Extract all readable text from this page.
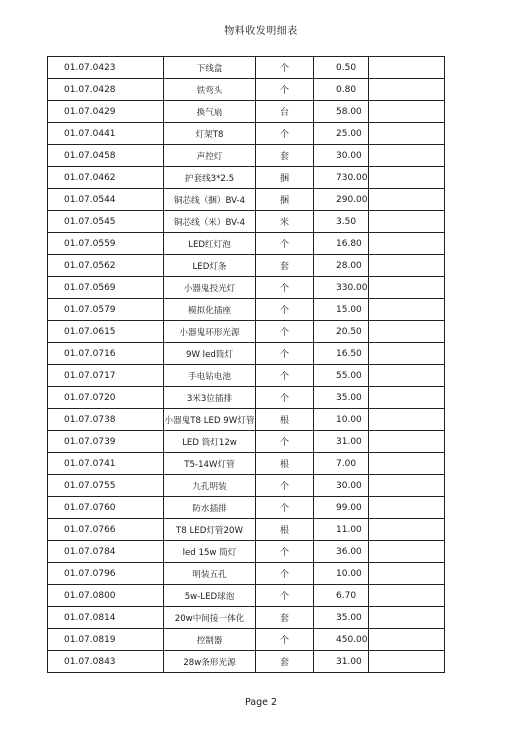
物料收发明细表
01.07.0423	下线盒	个	0.50	
01.07.0428	铁弯头	个	0.80	
01.07.0429	换气扇	台	58.00	
01.07.0441	灯架T8	个	25.00	
01.07.0458	声控灯	套	30.00	
01.07.0462	护套线3*2.5	捆	730.00	
01.07.0544	铜芯线（捆）BV-4	捆	290.00	
01.07.0545	铜芯线（米）BV-4	米	3.50	
01.07.0559	LED红灯泡	个	16.80	
01.07.0562	LED灯条	套	28.00	
01.07.0569	小器鬼投光灯	个	330.00	
01.07.0579	模拟化插座	个	15.00	
01.07.0615	小器鬼环形光源	个	20.50	
01.07.0716	9W led筒灯	个	16.50	
01.07.0717	手电钻电池	个	55.00	
01.07.0720	3米3位插排	个	35.00	
01.07.0738	小器鬼T8 LED 9W灯管	根	10.00	
01.07.0739	LED 筒灯12w	个	31.00	
01.07.0741	T5-14W灯管	根	7.00	
01.07.0755	九孔明装	个	30.00	
01.07.0760	防水插排	个	99.00	
01.07.0766	T8 LED灯管20W	根	11.00	
01.07.0784	led 15w 筒灯	个	36.00	
01.07.0796	明装五孔	个	10.00	
01.07.0800	5w-LED球泡	个	6.70	
01.07.0814	20w中间接一体化	套	35.00	
01.07.0819	控制器	个	450.00	
01.07.0843	28w条形光源	套	31.00	
Page 2
